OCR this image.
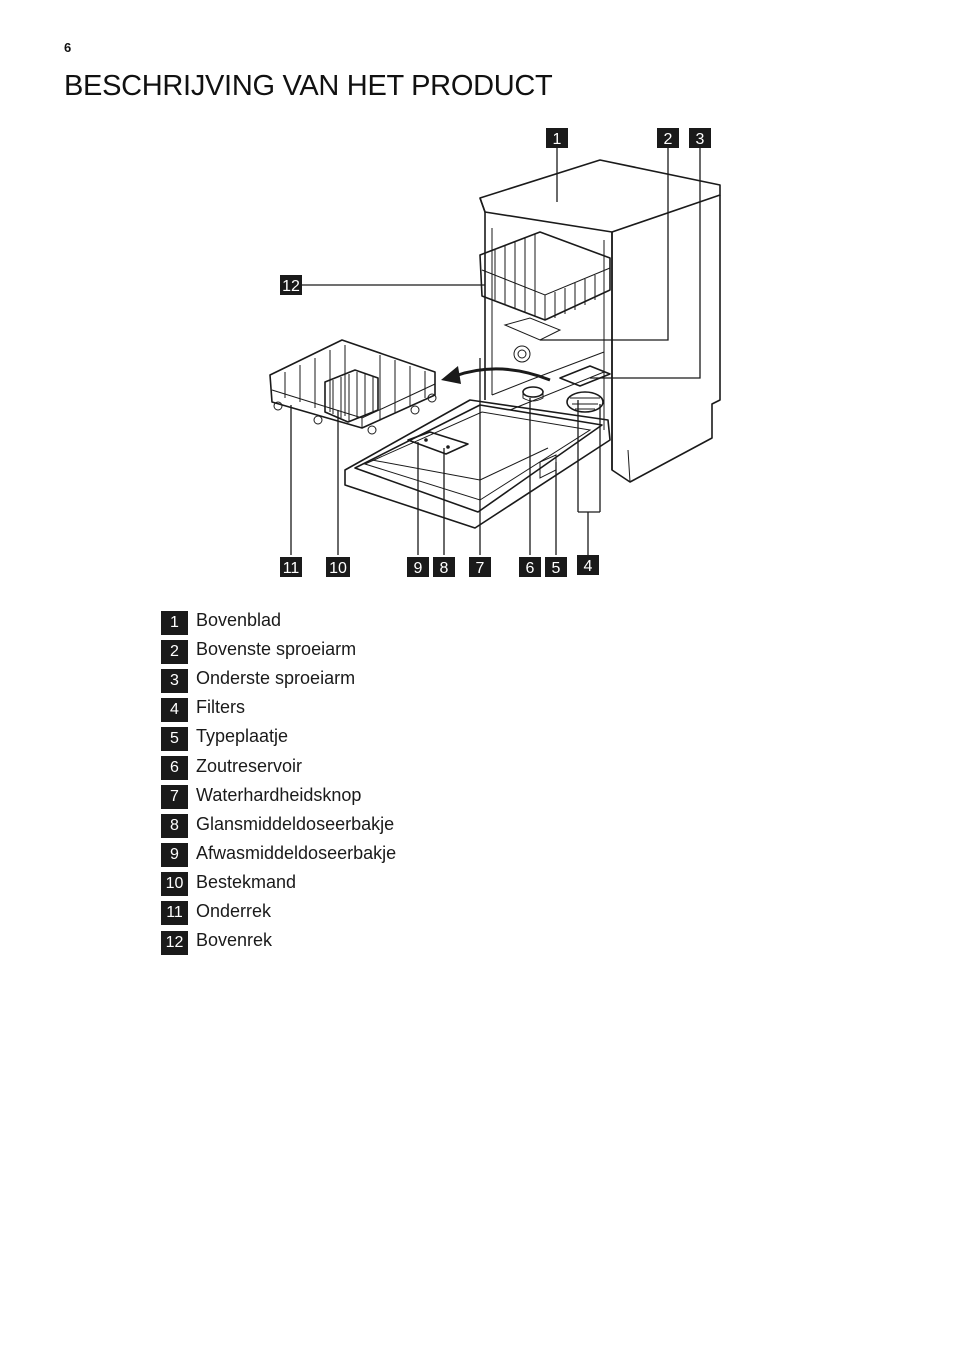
6
BESCHRIJVING VAN HET PRODUCT
1	2 3
12
11 10	9 8 7	6 5 4
1 Bovenblad
2 Bovenste sproeiarm
3 Onderste sproeiarm
4 Filters
5 Typeplaatje
6 Zoutreservoir
7 Waterhardheidsknop
8 Glansmiddeldoseerbakje
9 Afwasmiddeldoseerbakje
10 Bestekmand
11 Onderrek
12 Bovenrek
